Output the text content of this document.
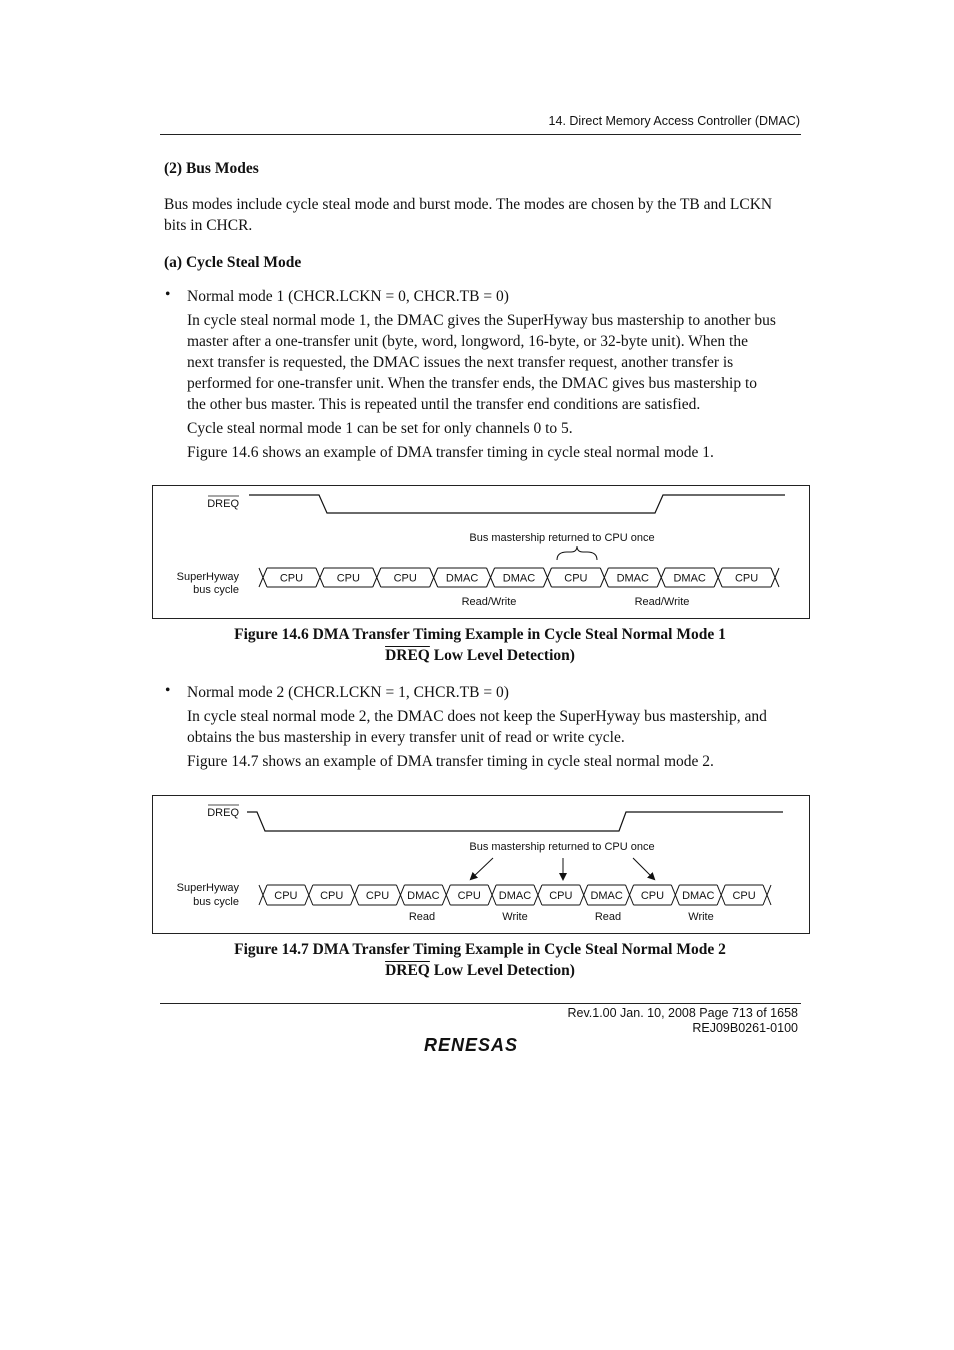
14. Direct Memory Access Controller (DMAC)
(2) Bus Modes
Bus modes include cycle steal mode and burst mode. The modes are chosen by the TB and LCKN
bits in CHCR.
(a) Cycle Steal Mode
• Normal mode 1 (CHCR.LCKN = 0, CHCR.TB = 0)
In cycle steal normal mode 1, the DMAC gives the SuperHyway bus mastership to another bus
master after a one-transfer unit (byte, word, longword, 16-byte, or 32-byte unit). When the
next transfer is requested, the DMAC issues the next transfer request, another transfer is
performed for one-transfer unit. When the transfer ends, the DMAC gives bus mastership to
the other bus master. This is repeated until the transfer end conditions are satisfied.
Cycle steal normal mode 1 can be set for only channels 0 to 5.
Figure 14.6 shows an example of DMA transfer timing in cycle steal normal mode 1.
DREQ
Bus mastership returned to CPU once
SuperHyway
bus cycle
CPU	CPU	CPU	DMAC DMAC	CPU	DMAC DMAC	CPU
Read/Write	Read/Write
Figure 14.6 DMA Transfer Timing Example in Cycle Steal Normal Mode 1
DREQ Low Level Detection)
• Normal mode 2 (CHCR.LCKN = 1, CHCR.TB = 0)
In cycle steal normal mode 2, the DMAC does not keep the SuperHyway bus mastership, and
obtains the bus mastership in every transfer unit of read or write cycle.
Figure 14.7 shows an example of DMA transfer timing in cycle steal normal mode 2.
DREQ
Bus mastership returned to CPU once
SuperHyway
bus cycle	CPU CPU CPU DMAC CPU DMAC CPU DMAC CPU DMAC CPU
Read	Write	Read	Write
Figure 14.7 DMA Transfer Timing Example in Cycle Steal Normal Mode 2
DREQ Low Level Detection)
Rev.1.00 Jan. 10, 2008 Page 713 of 1658
REJ09B0261-0100
RENESAS
